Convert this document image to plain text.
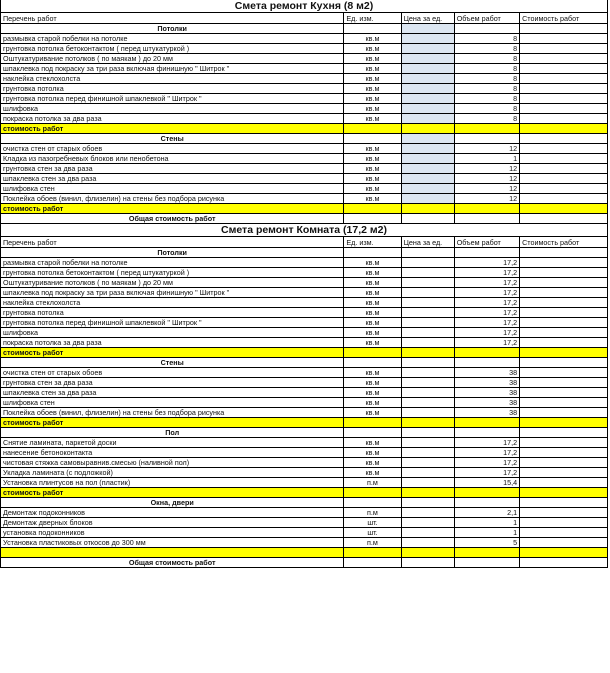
Смета ремонт Кухня (8 м2)
Перечень работ	Ед. изм.	Цена за ед.	Объем работ	Стоимость работ
Потолки				
размывка старой побелки на потолке	кв.м		8	
грунтовка потолка бетоконтактом ( перед штукатуркой )	кв.м		8	
Оштукатуривание потолков ( по маякам ) до 20 мм	кв.м		8	
шпаклевка под покраску за три раза включая финишную " Шитрок "	кв.м		8	
наклейка стеклохолста	кв.м		8	
грунтовка потолка	кв.м		8	
грунтовка потолка перед финишной шпаклевкой " Шитрок "	кв.м		8	
шлифовка	кв.м		8	
покраска потолка за два раза	кв.м		8	
стоимость работ				
Стены				
очистка стен от старых обоев	кв.м		12	
Кладка из пазогребневых блоков или пенобетона	кв.м		1	
грунтовка стен за два раза	кв.м		12	
шпаклевка стен за два раза	кв.м		12	
шлифовка стен	кв.м		12	
Поклейка обоев (винил, флизелин) на стены без подбора рисунка	кв.м		12	
стоимость работ				
Общая стоимость работ				
Смета ремонт Комната (17,2 м2)
Перечень работ	Ед. изм.	Цена за ед.	Объем работ	Стоимость работ
Потолки				
размывка старой побелки на потолке	кв.м		17,2	
грунтовка потолка бетоконтактом ( перед штукатуркой )	кв.м		17,2	
Оштукатуривание потолков ( по маякам ) до 20 мм	кв.м		17,2	
шпаклевка под покраску за три раза включая финишную " Шитрок "	кв.м		17,2	
наклейка стеклохолста	кв.м		17,2	
грунтовка потолка	кв.м		17,2	
грунтовка потолка перед финишной шпаклевкой " Шитрок "	кв.м		17,2	
шлифовка	кв.м		17,2	
покраска потолка за два раза	кв.м		17,2	
стоимость работ				
Стены				
очистка стен от старых обоев	кв.м		38	
грунтовка стен за два раза	кв.м		38	
шпаклевка стен за два раза	кв.м		38	
шлифовка стен	кв.м		38	
Поклейка обоев (винил, флизелин) на стены без подбора рисунка	кв.м		38	
стоимость работ				
Пол				
Снятие ламината, паркетой доски	кв.м		17,2	
нанесение бетоноконтакта	кв.м		17,2	
чистовая стяжка самовыравнив.смесью (наливной пол)	кв.м		17,2	
Укладка ламината (с подложкой)	кв.м		17,2	
Установка плинтусов на пол (пластик)	п.м		15,4	
стоимость работ				
Окна, двери				
Демонтаж подоконников	п.м		2,1	
Демонтаж дверных блоков	шт.		1	
установка подоконников	шт.		1	
Установка пластиковых откосов до 300 мм	п.м		5	

Общая стоимость работ				
